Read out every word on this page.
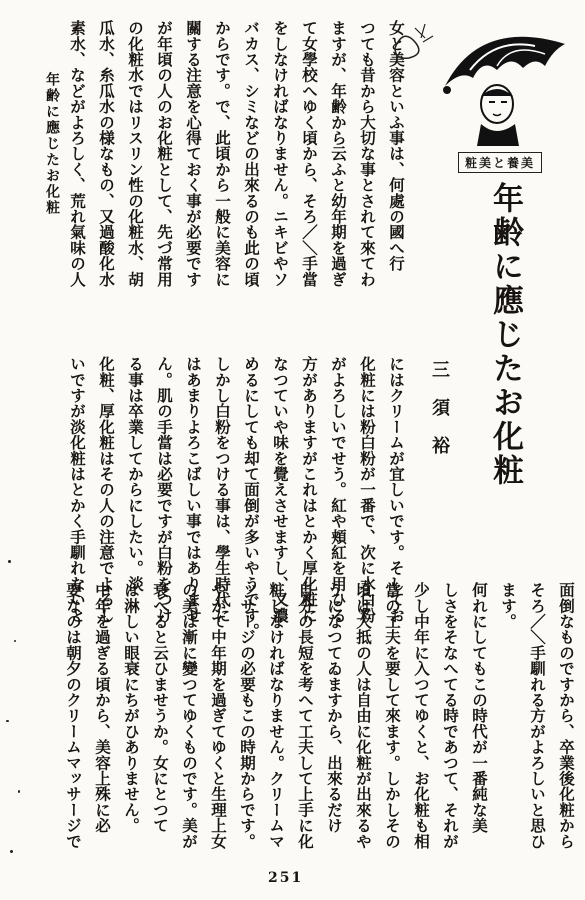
年齢に應じたお化粧	女と美容といふ事は、何處の國へ行
つても昔から大切な事とされて來てわ
ますが、年齢から云ふと幼年期を過ぎ
て女學校へゆく頃から、そろ／＼手當
をしなければなりません。ニキビやソ
バカス、シミなどの出來るのも此の頃
からです。で、此頃から一般に美容に
關する注意を心得ておく事が必要です
が年頃の人のお化粧として、先づ常用
の化粧水ではリスリン性の化粧水、胡
瓜水、糸瓜水の様なもの、又過酸化水
素水、などがよろしく、荒れ氣味の人	粧美と養美
年齢に應じたお化粧
三須裕
にはクリームが宜しいです。そしてお
化粧には粉白粉が一番で、次に水白粉
がよろしいでせう。紅や頬紅を用ひる
方がありますがこれはとかく厚化粧に
なつていや味を覺えさせますし、又濃
めるにしても却て面倒が多いやうです。
しかし白粉をつける事は、學生時代に
はあまりよろこばしい事ではありませ
ん。肌の手當は必要ですが白粉をつけ
る事は卒業してからにしたい。淡
化粧、厚化粧はその人の注意でよろし
いですが淡化粧はとかく手馴れないと
面倒なものですから、卒業後化粧から
そろ／＼手馴れる方がよろしいと思ひ
ます。
何れにしてもこの時代が一番純な美
しさをそなへてる時であつて、それが
少し中年に入つてゆくと、お化粧も相
當の工夫を要して來ます。しかしその
頃は大抵の人は自由に化粧が出來るや
うになつてゐますから、出來るだけ
自分の長短を考へて工夫して上手に化
粧しなければなりません。クリームマ
ッサージの必要もこの時期からです。
やがて中年期を過ぎてゆくと生理上女
の美は漸に變つてゆくものです。美が
衰へると云ひませうか。女にとつて
は淋しい眼衰にちがひありません。
中年を過ぎる頃から、美容上殊に必
要なのは朝夕のクリームマッサージで
251
